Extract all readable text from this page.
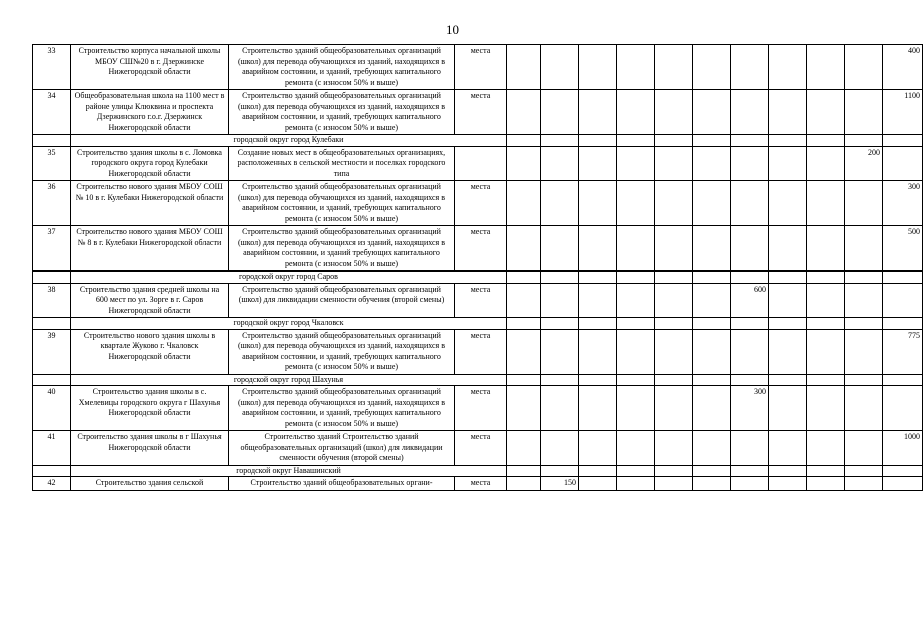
10
33	Строительство корпуса начальной школы МБОУ СШ№20 в г. Дзержинске Нижегородской области	Строительство зданий общеобразовательных организаций (школ) для перевода обучающихся из зданий, находящихся в аварийном состоянии, и зданий, требующих капитального ремонта (с износом 50% и выше)	места											400
34	Общеобразовательная школа на 1100 мест в районе улицы Клюквина и проспекта Дзержинского г.о.г. Дзержинск Нижегородской области	Строительство зданий общеобразовательных организаций (школ) для перевода обучающихся из зданий, находящихся в аварийном состоянии, и зданий, требующих капитального ремонта (с износом 50% и выше)	места											1100
	городской округ город Кулебаки													
35	Строительство здания школы в с. Ломовка городского округа город Кулебаки Нижегородской области	Создание новых мест в общеобразовательных организациях, расположенных в сельской местности и поселках городского типа											200	
36	Строительство нового здания МБОУ СОШ № 10 в г. Кулебаки Нижегородской области	Строительство зданий общеобразовательных организаций (школ) для перевода обучающихся из зданий, находящихся в аварийном состоянии, и зданий, требующих капитального ремонта (с износом 50% и выше)	места											300
37	Строительство нового здания МБОУ СОШ № 8 в г. Кулебаки Нижегородской области	Строительство зданий общеобразовательных организаций (школ) для перевода обучающихся из зданий, находящихся в аварийном состоянии, и зданий требующих капитального ремонта (с износом 50% и выше)	места											500
	городской округ город Саров													
38	Строительство здания средней школы на 600 мест по ул. Зорге в г. Саров Нижегородской области	Строительство зданий общеобразовательных организаций (школ) для ликвидации сменности обучения (второй смены)	места							600				
	городской округ город Чкаловск													
39	Строительство нового здания школы в квартале Жуково г. Чкаловск Нижегородской области	Строительство зданий общеобразовательных организаций (школ) для перевода обучающихся из зданий, находящихся в аварийном состоянии, и зданий, требующих капитального ремонта (с износом 50% и выше)	места											775
	городской округ город Шахунья													
40	Строительство здания школы в с. Хмелевицы городского округа г Шахунья Нижегородской области	Строительство зданий общеобразовательных организаций (школ) для перевода обучающихся из зданий, находящихся в аварийном состоянии, и зданий, требующих капитального ремонта (с износом 50% и выше)	места							300				
41	Строительство здания школы в г Шахунья Нижегородской области	Строительство зданий Строительство зданий общеобразовательных организаций (школ) для ликвидации сменности обучения (второй смены)	места											1000
	городской округ Навашинский													
42	Строительство здания сельской	Строительство зданий общеобразовательных органи-	места		150									
